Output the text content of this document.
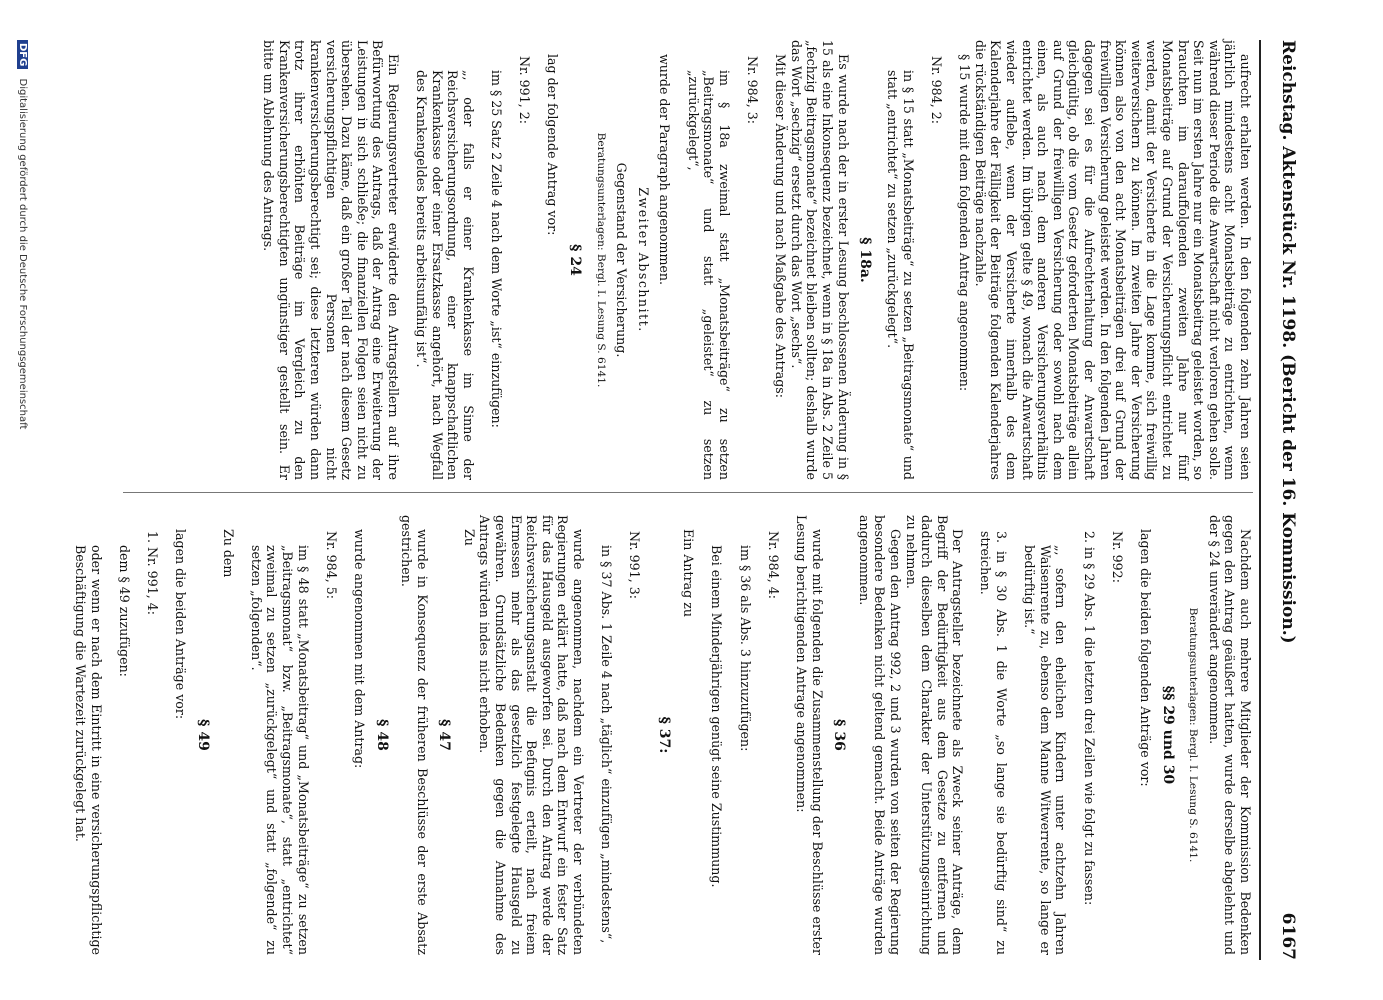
Reichstag. Aktenstück Nr. 1198. (Bericht der 16. Kommission.)
6167

aufrecht erhalten werden. In den folgenden zehn Jahren seien jährlich mindestens acht Monatsbeiträge zu entrichten, wenn während dieser Periode die Anwartschaft nicht verloren gehen solle. Seit nun im ersten Jahre nur ein Monatsbeitrag geleistet worden, so brauchten im darauffolgenden zweiten Jahre nur fünf Monatsbeiträge auf Grund der Versicherungspflicht entrichtet zu werden, damit der Versicherte in die Lage komme, sich freiwillig weiterversichern zu können. Im zweiten Jahre der Versicherung können also von den acht Monatsbeiträgen drei auf Grund der freiwilligen Versicherung geleistet werden. In den folgenden Jahren dagegen sei es für die Aufrechterhaltung der Anwartschaft gleichgültig, ob die vom Gesetz geforderten Monatsbeiträge allein auf Grund der freiwilligen Versicherung oder sowohl nach dem einen, als auch nach dem anderen Versicherungsverhältnis entrichtet werden. Im übrigen gelte § 49, wonach die Anwartschaft wieder auflebe, wenn der Versicherte innerhalb des dem Kalenderjahre der Fälligkeit der Beiträge folgenden Kalenderjahres die rückständigen Beiträge nachzahle.

§ 15 wurde mit dem folgenden Antrag angenommen:

Nr. 984, 2:

in § 15 statt „Monatsbeiträge“ zu setzen „Beitragsmonate“ und statt „entrichtet“ zu setzen „zurückgelegt“.

§ 18a.

Es wurde nach der in erster Lesung beschlossenen Änderung in § 15 als eine Inkonsequenz bezeichnet, wenn in § 18a in Abs. 2 Zeile 5 „fechzig Beitragsmonate“ bezeichnet bleiben sollten; deshalb wurde das Wort „sechzig“ ersetzt durch das Wort „sechs“.

Mit dieser Änderung und nach Maßgabe des Antrags:

Nr. 984, 3:

im § 18a zweimal statt „Monatsbeiträge“ zu setzen „Beitragsmonate“ und statt „geleistet“ zu setzen „zurückgelegt“,

wurde der Paragraph angenommen.

Zweiter Abschnitt.

Gegenstand der Versicherung.

Beratungsunterlagen: Bergl. I. Lesung S. 6141.

§ 24

lag der folgende Antrag vor:

Nr. 991, 2:

im § 25 Satz 2 Zeile 4 nach dem Worte „ist“ einzufügen:

„, oder falls er einer Krankenkasse im Sinne der Reichsversicherungsordnung, einer knappschaftlichen Krankenkasse oder einer Ersatzkasse angehört, nach Wegfall des Krankengeldes bereits arbeitsunfähig ist“.

Ein Regierungsvertreter erwiderte den Antragstellern auf ihre Befürwortung des Antrags, daß der Antrag eine Erweiterung der Leistungen in sich schließe; die finanziellen Folgen seien nicht zu übersehen. Dazu käme, daß ein großer Teil der nach diesem Gesetz versicherungspflichtigen Personen nicht krankenversicherungsberechtigt sei; diese letzteren würden dann trotz ihrer erhöhten Beiträge im Vergleich zu den Krankenversicherungsberechtigten ungünstiger gestellt sein. Er bitte um Ablehnung des Antrags.

Nachdem auch mehrere Mitglieder der Kommission Bedenken gegen den Antrag geäußert hatten, wurde derselbe abgelehnt und der § 24 unverändert angenommen.

Beratungsunterlagen: Bergl. I. Lesung S. 6141.

§§ 29 und 30

lagen die beiden folgenden Anträge vor:

Nr. 992:

2. in § 29 Abs. 1 die letzten drei Zeilen wie folgt zu fassen:

„, sofern den ehelichen Kindern unter achtzehn Jahren Waisenrente zu, ebenso dem Manne Witwerrente, so lange er bedürftig ist.“

3. in § 30 Abs. 1 die Worte „so lange sie bedürftig sind“ zu streichen.

Der Antragsteller bezeichnete als Zweck seiner Anträge, dem Begriff der Bedürftigkeit aus dem Gesetze zu entfernen und dadurch dieselben dem Charakter der Unterstützungseinrichtung zu nehmen.

Gegen den Antrag 992, 2 und 3 wurden von seiten der Regierung besondere Bedenken nicht geltend gemacht. Beide Anträge wurden angenommen.

§ 36

wurde mit folgenden die Zusammenstellung der Beschlüsse erster Lesung berichtigenden Antrage angenommen:

Nr. 984, 4:

im § 36 als Abs. 3 hinzuzufügen:

Bei einem Minderjährigen genügt seine Zustimmung.

Ein Antrag zu

§ 37:

Nr. 991, 3:

in § 37 Abs. 1 Zeile 4 nach „täglich“ einzufügen „mindestens“,

wurde angenommen, nachdem ein Vertreter der verbündeten Regierungen erklärt hatte, daß nach dem Entwurf ein fester Satz für das Hausgeld ausgeworfen sei. Durch den Antrag werde der Reichsversicherungsanstalt die Befugnis erteilt, nach freiem Ermessen mehr als das gesetzlich festgelegte Hausgeld zu gewähren. Grundsätzliche Bedenken gegen die Annahme des Antrags würden indes nicht erhoben.

Zu

§ 47

wurde in Konsequenz der früheren Beschlüsse der erste Absatz gestrichen.

§ 48

wurde angenommen mit dem Antrag:

Nr. 984, 5:

im § 48 statt „Monatsbeitrag“ und „Monatsbeiträge“ zu setzen „Beitragsmonat“ bzw. „Beitragsmonate“, statt „entrichtet“ zweimal zu setzen „zurückgelegt“ und statt „folgende“ zu setzen „folgenden“.

Zu dem

§ 49

lagen die beiden Anträge vor:

1. Nr. 991, 4:

dem § 49 zuzufügen:

oder wenn er nach dem Eintritt in eine versicherungspflichtige Beschäftigung die Wartezeit zurückgelegt hat.

DFG Digitalisierung gefördert durch die Deutsche Forschungsgemeinschaft
